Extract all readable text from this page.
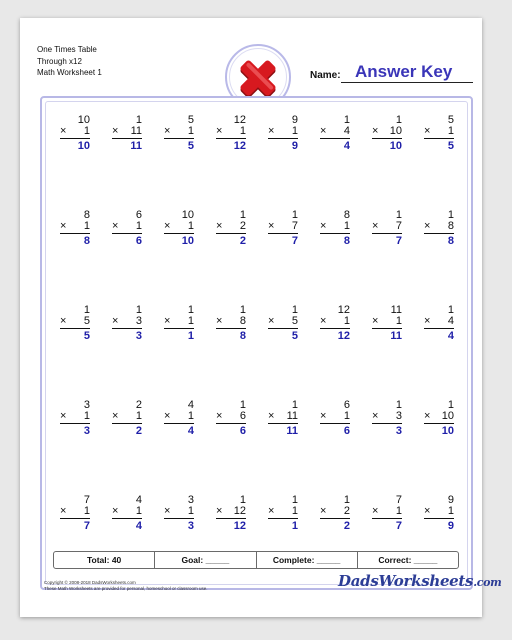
One Times Table
Through x12
Math Worksheet 1	Name: Answer Key
10
× 1
10
1
× 11
11
5
× 1
5
12
× 1
12
9
× 1
9
1
× 4
4
1
× 10
10
5
× 1
5
8
× 1
8
6
× 1
6
10
× 1
10
1
× 2
2
1
× 7
7
8
× 1
8
1
× 7
7
1
× 8
8
1
× 5
5
1
× 3
3
1
× 1
1
1
× 8
8
1
× 5
5
12
× 1
12
11
× 1
11
1
× 4
4
3
× 1
3
2
× 1
2
4
× 1
4
1
× 6
6
1
× 11
11
6
× 1
6
1
× 3
3
1
× 10
10
7
× 1
7
4
× 1
4
3
× 1
3
1
× 12
12
1
× 1
1
1
× 2
2
7
× 1
7
9
× 1
9
Total: 40	Goal: _____	Complete: _____	Correct: _____
Copyright © 2008-2018 DadsWorksheets.com
These Math Worksheets are provided for personal, homeschool or classroom use.	DadsWorksheets.com
